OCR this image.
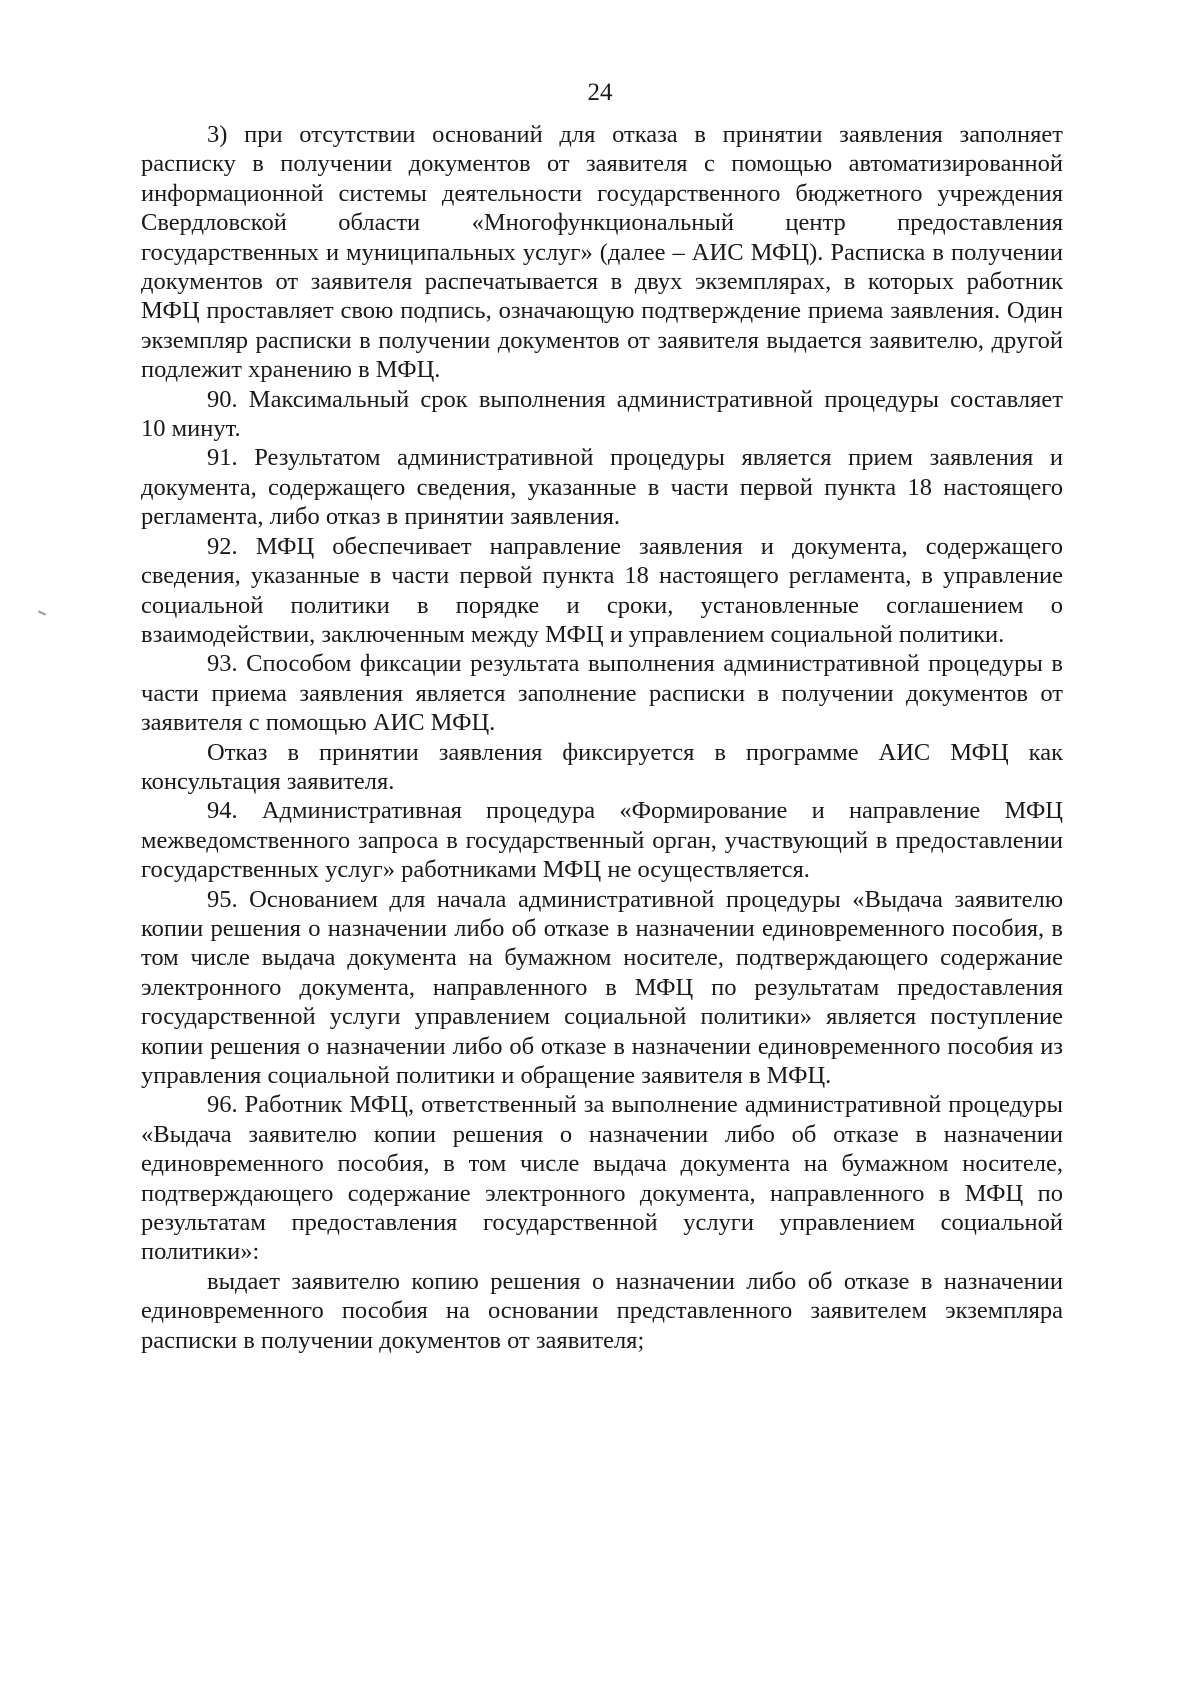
24

3) при отсутствии оснований для отказа в принятии заявления заполняет расписку в получении документов от заявителя с помощью автоматизированной информационной системы деятельности государственного бюджетного учреждения Свердловской области «Многофункциональный центр предоставления государственных и муниципальных услуг» (далее – АИС МФЦ). Расписка в получении документов от заявителя распечатывается в двух экземплярах, в которых работник МФЦ проставляет свою подпись, означающую подтверждение приема заявления. Один экземпляр расписки в получении документов от заявителя выдается заявителю, другой подлежит хранению в МФЦ.

90. Максимальный срок выполнения административной процедуры составляет 10 минут.

91. Результатом административной процедуры является прием заявления и документа, содержащего сведения, указанные в части первой пункта 18 настоящего регламента, либо отказ в принятии заявления.

92. МФЦ обеспечивает направление заявления и документа, содержащего сведения, указанные в части первой пункта 18 настоящего регламента, в управление социальной политики в порядке и сроки, установленные соглашением о взаимодействии, заключенным между МФЦ и управлением социальной политики.

93. Способом фиксации результата выполнения административной процедуры в части приема заявления является заполнение расписки в получении документов от заявителя с помощью АИС МФЦ.

Отказ в принятии заявления фиксируется в программе АИС МФЦ как консультация заявителя.

94. Административная процедура «Формирование и направление МФЦ межведомственного запроса в государственный орган, участвующий в предоставлении государственных услуг» работниками МФЦ не осуществляется.

95. Основанием для начала административной процедуры «Выдача заявителю копии решения о назначении либо об отказе в назначении единовременного пособия, в том числе выдача документа на бумажном носителе, подтверждающего содержание электронного документа, направленного в МФЦ по результатам предоставления государственной услуги управлением социальной политики» является поступление копии решения о назначении либо об отказе в назначении единовременного пособия из управления социальной политики и обращение заявителя в МФЦ.

96. Работник МФЦ, ответственный за выполнение административной процедуры «Выдача заявителю копии решения о назначении либо об отказе в назначении единовременного пособия, в том числе выдача документа на бумажном носителе, подтверждающего содержание электронного документа, направленного в МФЦ по результатам предоставления государственной услуги управлением социальной политики»:

выдает заявителю копию решения о назначении либо об отказе в назначении единовременного пособия на основании представленного заявителем экземпляра расписки в получении документов от заявителя;
